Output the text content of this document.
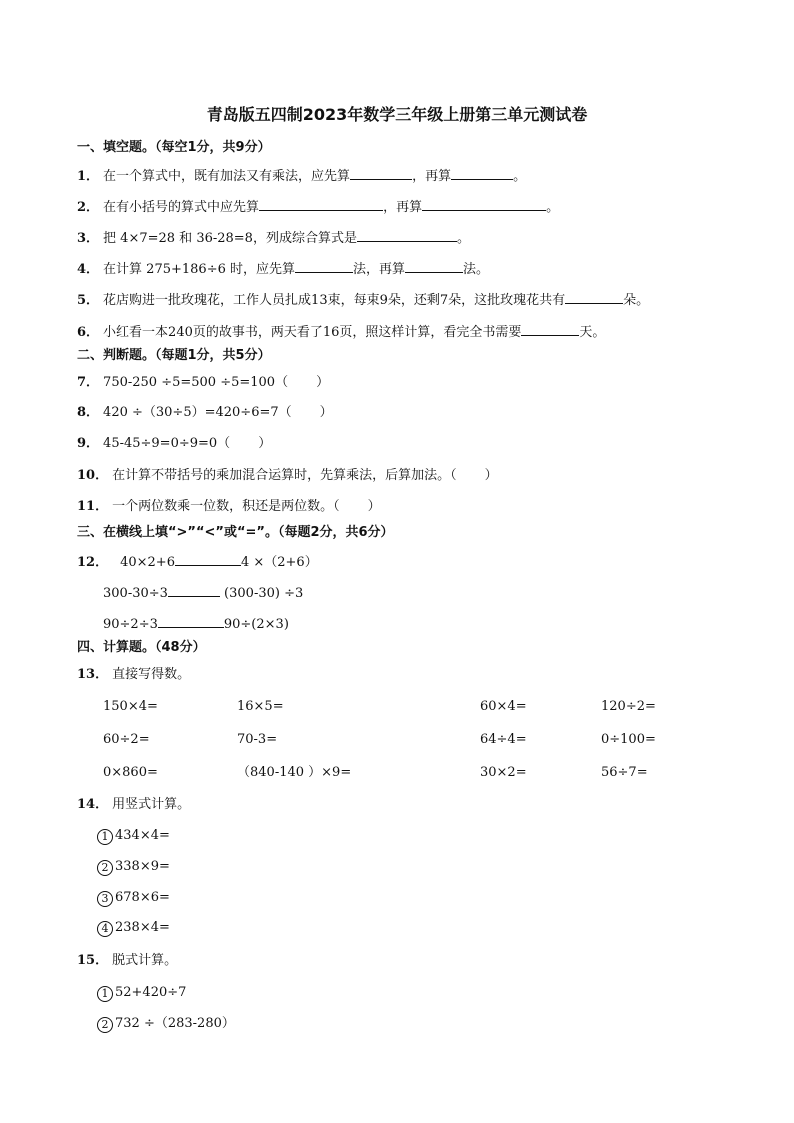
青岛版五四制2023年数学三年级上册第三单元测试卷
一、填空题。（每空1分，共9分）
1． 在一个算式中，既有加法又有乘法，应先算	，再算	。
2． 在有小括号的算式中应先算	，再算	。
3． 把 4×7=28 和 36-28=8，列成综合算式是	。
4． 在计算 275+186÷6 时，应先算	法，再算	法。
5． 花店购进一批玫瑰花，工作人员扎成13束，每束9朵，还剩7朵，这批玫瑰花共有	朵。
6． 小红看一本240页的故事书，两天看了16页，照这样计算，看完全书需要	天。
二、判断题。（每题1分，共5分）
7． 750-250 ÷5=500 ÷5=100（ ）
8． 420 ÷（30÷5）=420÷6=7（ ）
9． 45-45÷9=0÷9=0（ ）
10． 在计算不带括号的乘加混合运算时，先算乘法，后算加法。（ ）
11． 一个两位数乘一位数，积还是两位数。（ ）
三、在横线上填“>”“<”或“=”。（每题2分，共6分）
12． 40×2+6	4 ×（2+6）
300-30÷3	(300-30) ÷3
90÷2÷3	90÷(2×3)
四、计算题。（48分）
13． 直接写得数。
150×4=	16×5=	60×4=	120÷2=
60÷2=	70-3=	64÷4=	0÷100=
0×860=	（840-140 ）×9=	30×2=	56÷7=
14． 用竖式计算。
1 434×4=
2 338×9=
3 678×6=
4 238×4=
15． 脱式计算。
1 52+420÷7
2 732 ÷（283-280）
